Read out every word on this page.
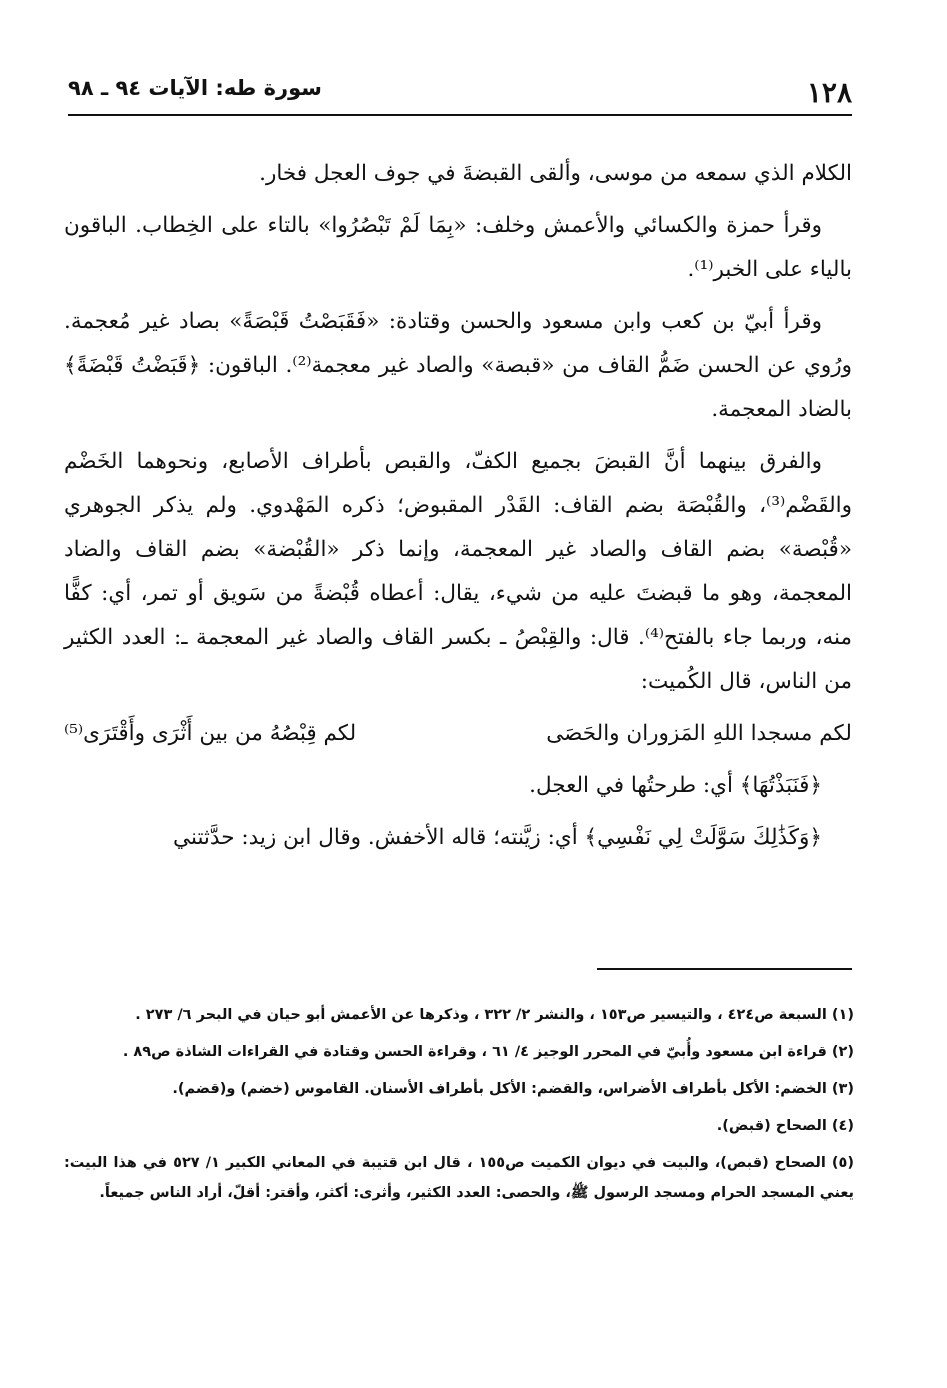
١٢٨
سورة طه: الآيات ٩٤ ـ ٩٨

الكلام الذي سمعه من موسى، وألقى القبضةَ في جوف العجل فخار.

وقرأ حمزة والكسائي والأعمش وخلف: «بِمَا لَمْ تَبْصُرُوا» بالتاء على الخِطاب. الباقون بالياء على الخبر⁽¹⁾.

وقرأ أبيّ بن كعب وابن مسعود والحسن وقتادة: «فَقَبَصْتُ قَبْصَةً» بصاد غير مُعجمة. ورُوي عن الحسن ضَمُّ القاف من «قبصة» والصاد غير معجمة⁽²⁾. الباقون: ﴿قَبَضْتُ قَبْضَةً﴾ بالضاد المعجمة.

والفرق بينهما أنَّ القبضَ بجميع الكفّ، والقبص بأطراف الأصابع، ونحوهما الخَضْم والقَضْم⁽³⁾، والقُبْصَة بضم القاف: القَدْر المقبوض؛ ذكره المَهْدوي. ولم يذكر الجوهري «قُبْصة» بضم القاف والصاد غير المعجمة، وإنما ذكر «القُبْضة» بضم القاف والضاد المعجمة، وهو ما قبضتَ عليه من شيء، يقال: أعطاه قُبْضةً من سَويق أو تمر، أي: كفًّا منه، وربما جاء بالفتح⁽⁴⁾. قال: والقِبْصُ ـ بكسر القاف والصاد غير المعجمة ـ: العدد الكثير من الناس، قال الكُميت:

لكم مسجدا اللهِ المَزوران والحَصَى
لكم قِبْصُهُ من بين أَثْرَى وأَقْتَرَى⁽⁵⁾

﴿فَنَبَذْتُهَا﴾ أي: طرحتُها في العجل.

﴿وَكَذَٰلِكَ سَوَّلَتْ لِي نَفْسِي﴾ أي: زيَّنته؛ قاله الأخفش. وقال ابن زيد: حدَّثتني

(١) السبعة ص٤٢٤ ، والتيسير ص١٥٣ ، والنشر ٢/ ٣٢٢ ، وذكرها عن الأعمش أبو حيان في البحر ٦/ ٢٧٣ .

(٢) قراءة ابن مسعود وأُبيّ في المحرر الوجيز ٤/ ٦١ ، وقراءة الحسن وقتادة في القراءات الشاذة ص٨٩ .

(٣) الخضم: الأكل بأطراف الأضراس، والقضم: الأكل بأطراف الأسنان. القاموس (خضم) و(قضم).

(٤) الصحاح (قبض).

(٥) الصحاح (قبص)، والبيت في ديوان الكميت ص١٥٥ ، قال ابن قتيبة في المعاني الكبير ١/ ٥٢٧ في هذا البيت: يعني المسجد الحرام ومسجد الرسول ﷺ، والحصى: العدد الكثير، وأثرى: أكثر، وأقتر: أقلّ، أراد الناس جميعاً.
